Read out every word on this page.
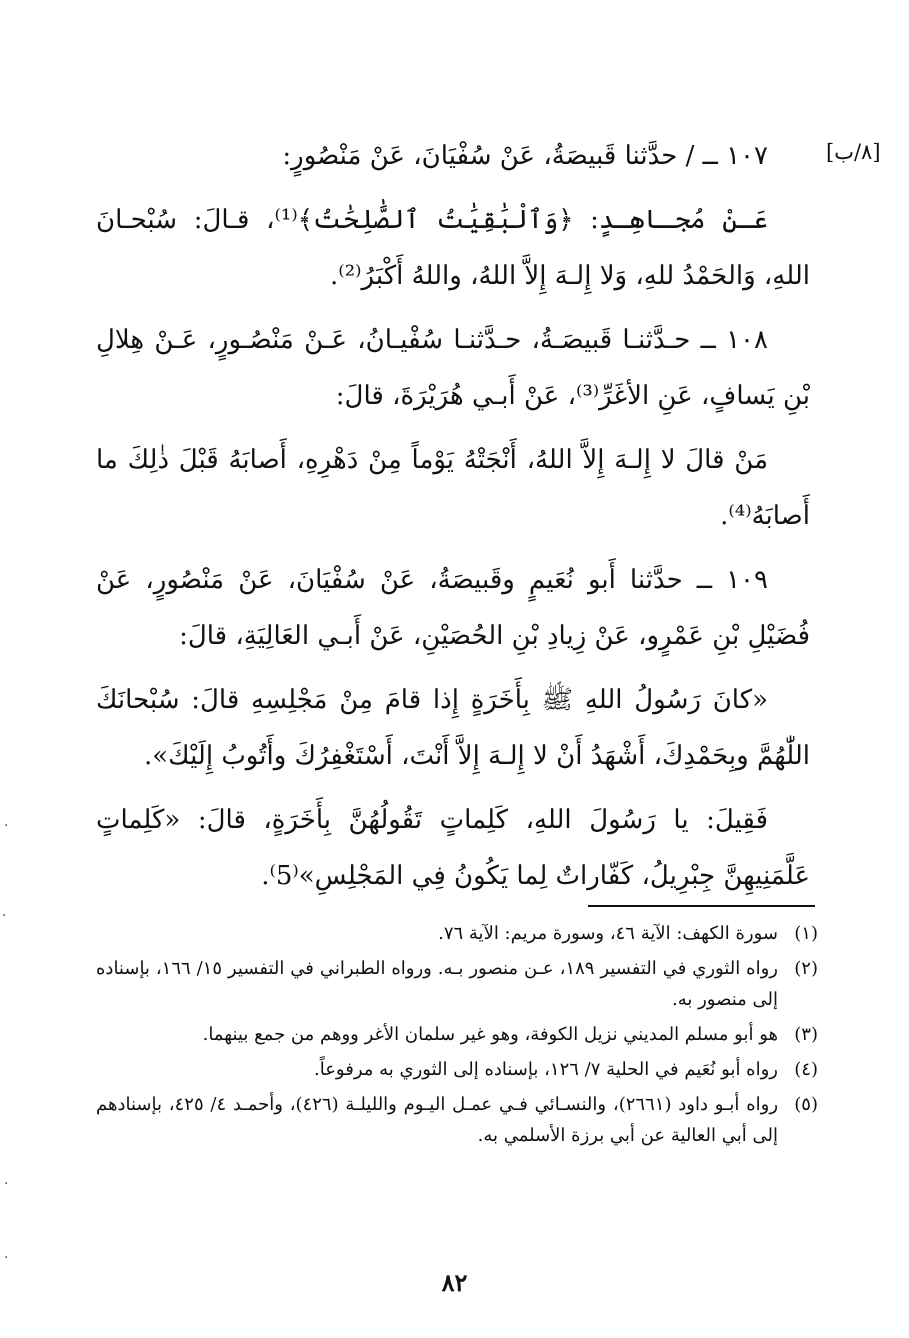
[٨/ب]

١٠٧ ــ / حدَّثنا قَبيصَةُ، عَنْ سُفْيَانَ، عَنْ مَنْصُورٍ:

عَـنْ مُجـاهِـدٍ: ﴿وَٱلْبَٰقِيَٰتُ ٱلصَّٰلِحَٰتُ﴾⁽¹⁾، قـالَ: سُبْحـانَ اللهِ، وَالحَمْدُ للهِ، وَلا إِلـهَ إِلاَّ اللهُ، واللهُ أَكْبَرُ⁽²⁾.

١٠٨ ــ حـدَّثنـا قَبيصَـةُ، حـدَّثنـا سُفْيـانُ، عَـنْ مَنْصُـورٍ، عَـنْ هِلالِ بْنِ يَسافٍ، عَنِ الأغَرِّ⁽³⁾، عَنْ أَبـي هُرَيْرَةَ، قالَ:

مَنْ قالَ لا إِلـهَ إِلاَّ اللهُ، أَنْجَتْهُ يَوْماً مِنْ دَهْرِهِ، أَصابَهُ قَبْلَ ذٰلِكَ ما أَصابَهُ⁽⁴⁾.

١٠٩ ــ حدَّثنا أَبو نُعَيمٍ وقَبيصَةُ، عَنْ سُفْيَانَ، عَنْ مَنْصُورٍ، عَنْ فُضَيْلِ بْنِ عَمْرٍو، عَنْ زِيادِ بْنِ الحُصَيْنِ، عَنْ أَبـي العَالِيَةِ، قالَ:

«كانَ رَسُولُ اللهِ ﷺ بِأَخَرَةٍ إِذا قامَ مِنْ مَجْلِسِهِ قالَ: سُبْحانَكَ اللّٰهُمَّ وبِحَمْدِكَ، أَشْهَدُ أَنْ لا إِلـهَ إِلاَّ أَنْتَ، أَسْتَغْفِرُكَ وأَتُوبُ إِلَيْكَ».

فَقِيلَ: يا رَسُولَ اللهِ، كَلِماتٍ تَقُولُهُنَّ بِأَخَرَةٍ، قالَ: «كَلِماتٍ عَلَّمَنِيهِنَّ جِبْرِيلُ، كَفّاراتٌ لِما يَكُونُ فِي المَجْلِسِ»⁽5⁾.

(١)
سورة الكهف: الآية ٤٦، وسورة مريم: الآية ٧٦.
(٢)
رواه الثوري في التفسير ١٨٩، عـن منصور بـه. ورواه الطبراني في التفسير ١٥/ ١٦٦، بإسناده إلى منصور به.
(٣)
هو أبو مسلم المديني نزيل الكوفة، وهو غير سلمان الأغر ووهم من جمع بينهما.
(٤)
رواه أبو نُعَيم في الحلية ٧/ ١٢٦، بإسناده إلى الثوري به مرفوعاً.
(٥)
رواه أبـو داود (٢٦٦١)، والنسـائي فـي عمـل اليـوم والليلـة (٤٢٦)، وأحمـد ٤/ ٤٢٥، بإسنادهم إلى أبي العالية عن أبي برزة الأسلمي به.
٨٢
·
·
·
·
